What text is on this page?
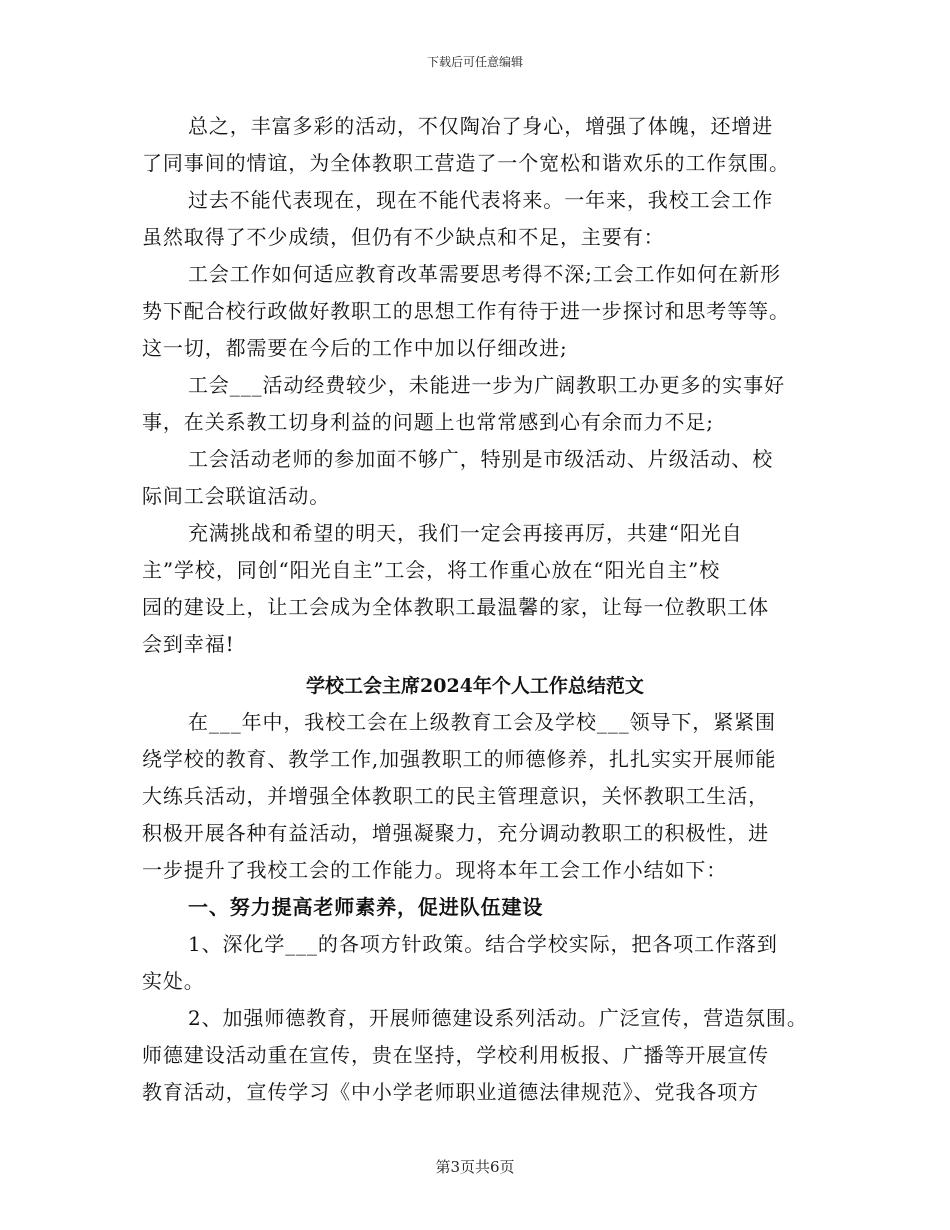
下载后可任意编辑
总之，丰富多彩的活动，不仅陶冶了身心，增强了体魄，还增进
了同事间的情谊，为全体教职工营造了一个宽松和谐欢乐的工作氛围。
过去不能代表现在，现在不能代表将来。一年来，我校工会工作
虽然取得了不少成绩，但仍有不少缺点和不足，主要有：
工会工作如何适应教育改革需要思考得不深;工会工作如何在新形
势下配合校行政做好教职工的思想工作有待于进一步探讨和思考等等。
这一切，都需要在今后的工作中加以仔细改进;
工会___活动经费较少，未能进一步为广阔教职工办更多的实事好
事，在关系教工切身利益的问题上也常常感到心有余而力不足;
工会活动老师的参加面不够广，特别是市级活动、片级活动、校
际间工会联谊活动。
充满挑战和希望的明天，我们一定会再接再厉，共建“阳光自
主”学校，同创“阳光自主”工会，将工作重心放在“阳光自主”校
园的建设上，让工会成为全体教职工最温馨的家，让每一位教职工体
会到幸福!
学校工会主席2024年个人工作总结范文
在___年中，我校工会在上级教育工会及学校___领导下，紧紧围
绕学校的教育、教学工作,加强教职工的师德修养，扎扎实实开展师能
大练兵活动，并增强全体教职工的民主管理意识，关怀教职工生活，
积极开展各种有益活动，增强凝聚力，充分调动教职工的积极性，进
一步提升了我校工会的工作能力。现将本年工会工作小结如下：
一、努力提高老师素养，促进队伍建设
1、深化学___的各项方针政策。结合学校实际，把各项工作落到
实处。
2、加强师德教育，开展师德建设系列活动。广泛宣传，营造氛围。
师德建设活动重在宣传，贵在坚持，学校利用板报、广播等开展宣传
教育活动，宣传学习《中小学老师职业道德法律规范》、党我各项方
第3页共6页
